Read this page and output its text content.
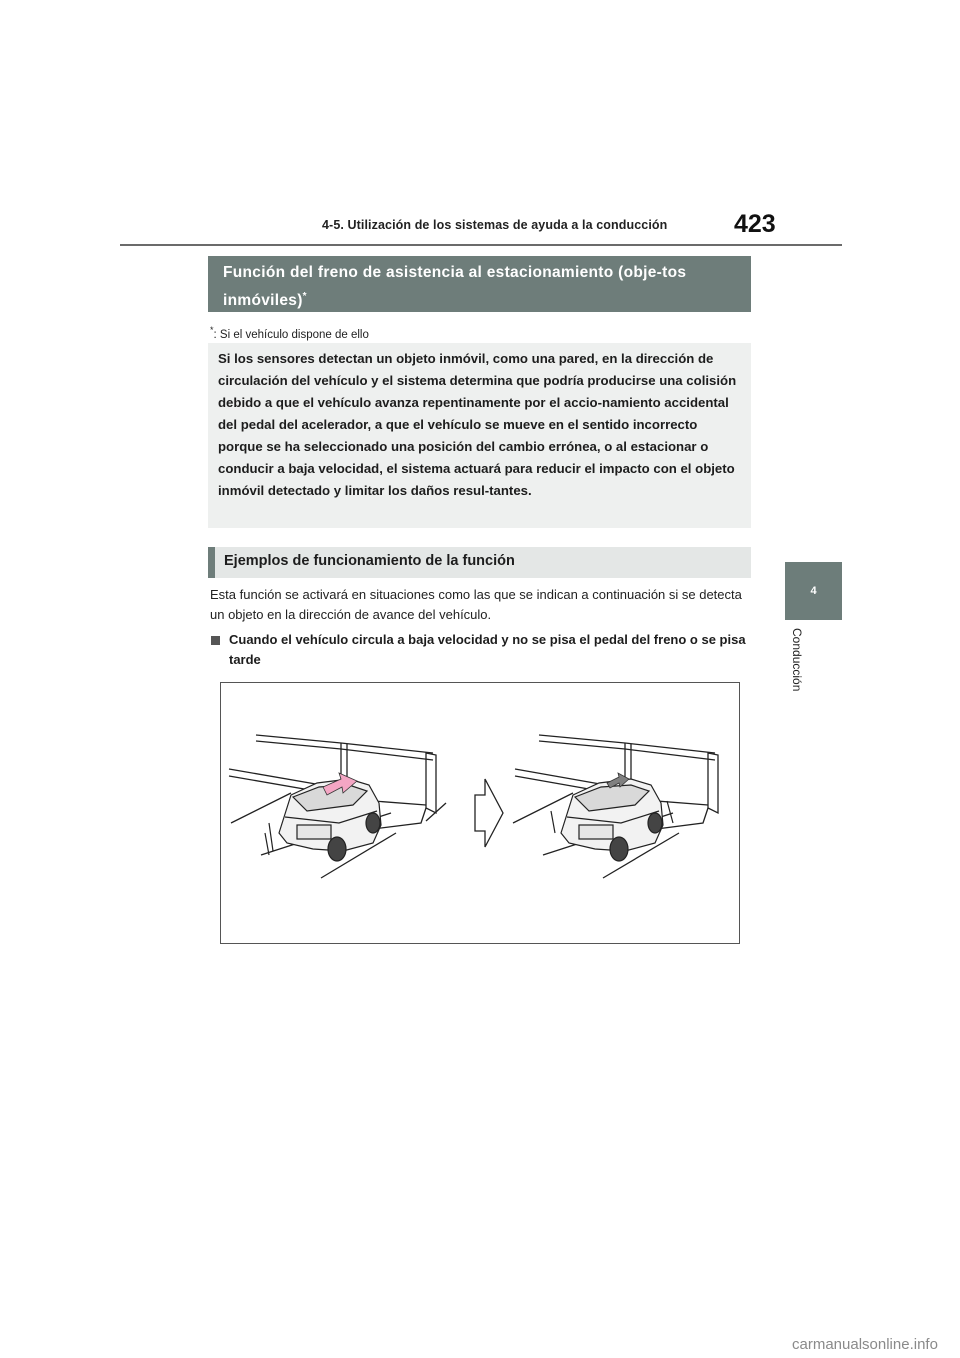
4-5. Utilización de los sistemas de ayuda a la conducción	423
4
Conducción
Función del freno de asistencia al estacionamiento (obje-tos inmóviles)*
*: Si el vehículo dispone de ello
Si los sensores detectan un objeto inmóvil, como una pared, en la dirección de circulación del vehículo y el sistema determina que podría producirse una colisión debido a que el vehículo avanza repentinamente por el accio-namiento accidental del pedal del acelerador, a que el vehículo se mueve en el sentido incorrecto porque se ha seleccionado una posición del cambio errónea, o al estacionar o conducir a baja velocidad, el sistema actuará para reducir el impacto con el objeto inmóvil detectado y limitar los daños resul-tantes.
Ejemplos de funcionamiento de la función
Esta función se activará en situaciones como las que se indican a continuación si se detecta un objeto en la dirección de avance del vehículo.
Cuando el vehículo circula a baja velocidad y no se pisa el pedal del freno o se pisa tarde
carmanualsonline.info
